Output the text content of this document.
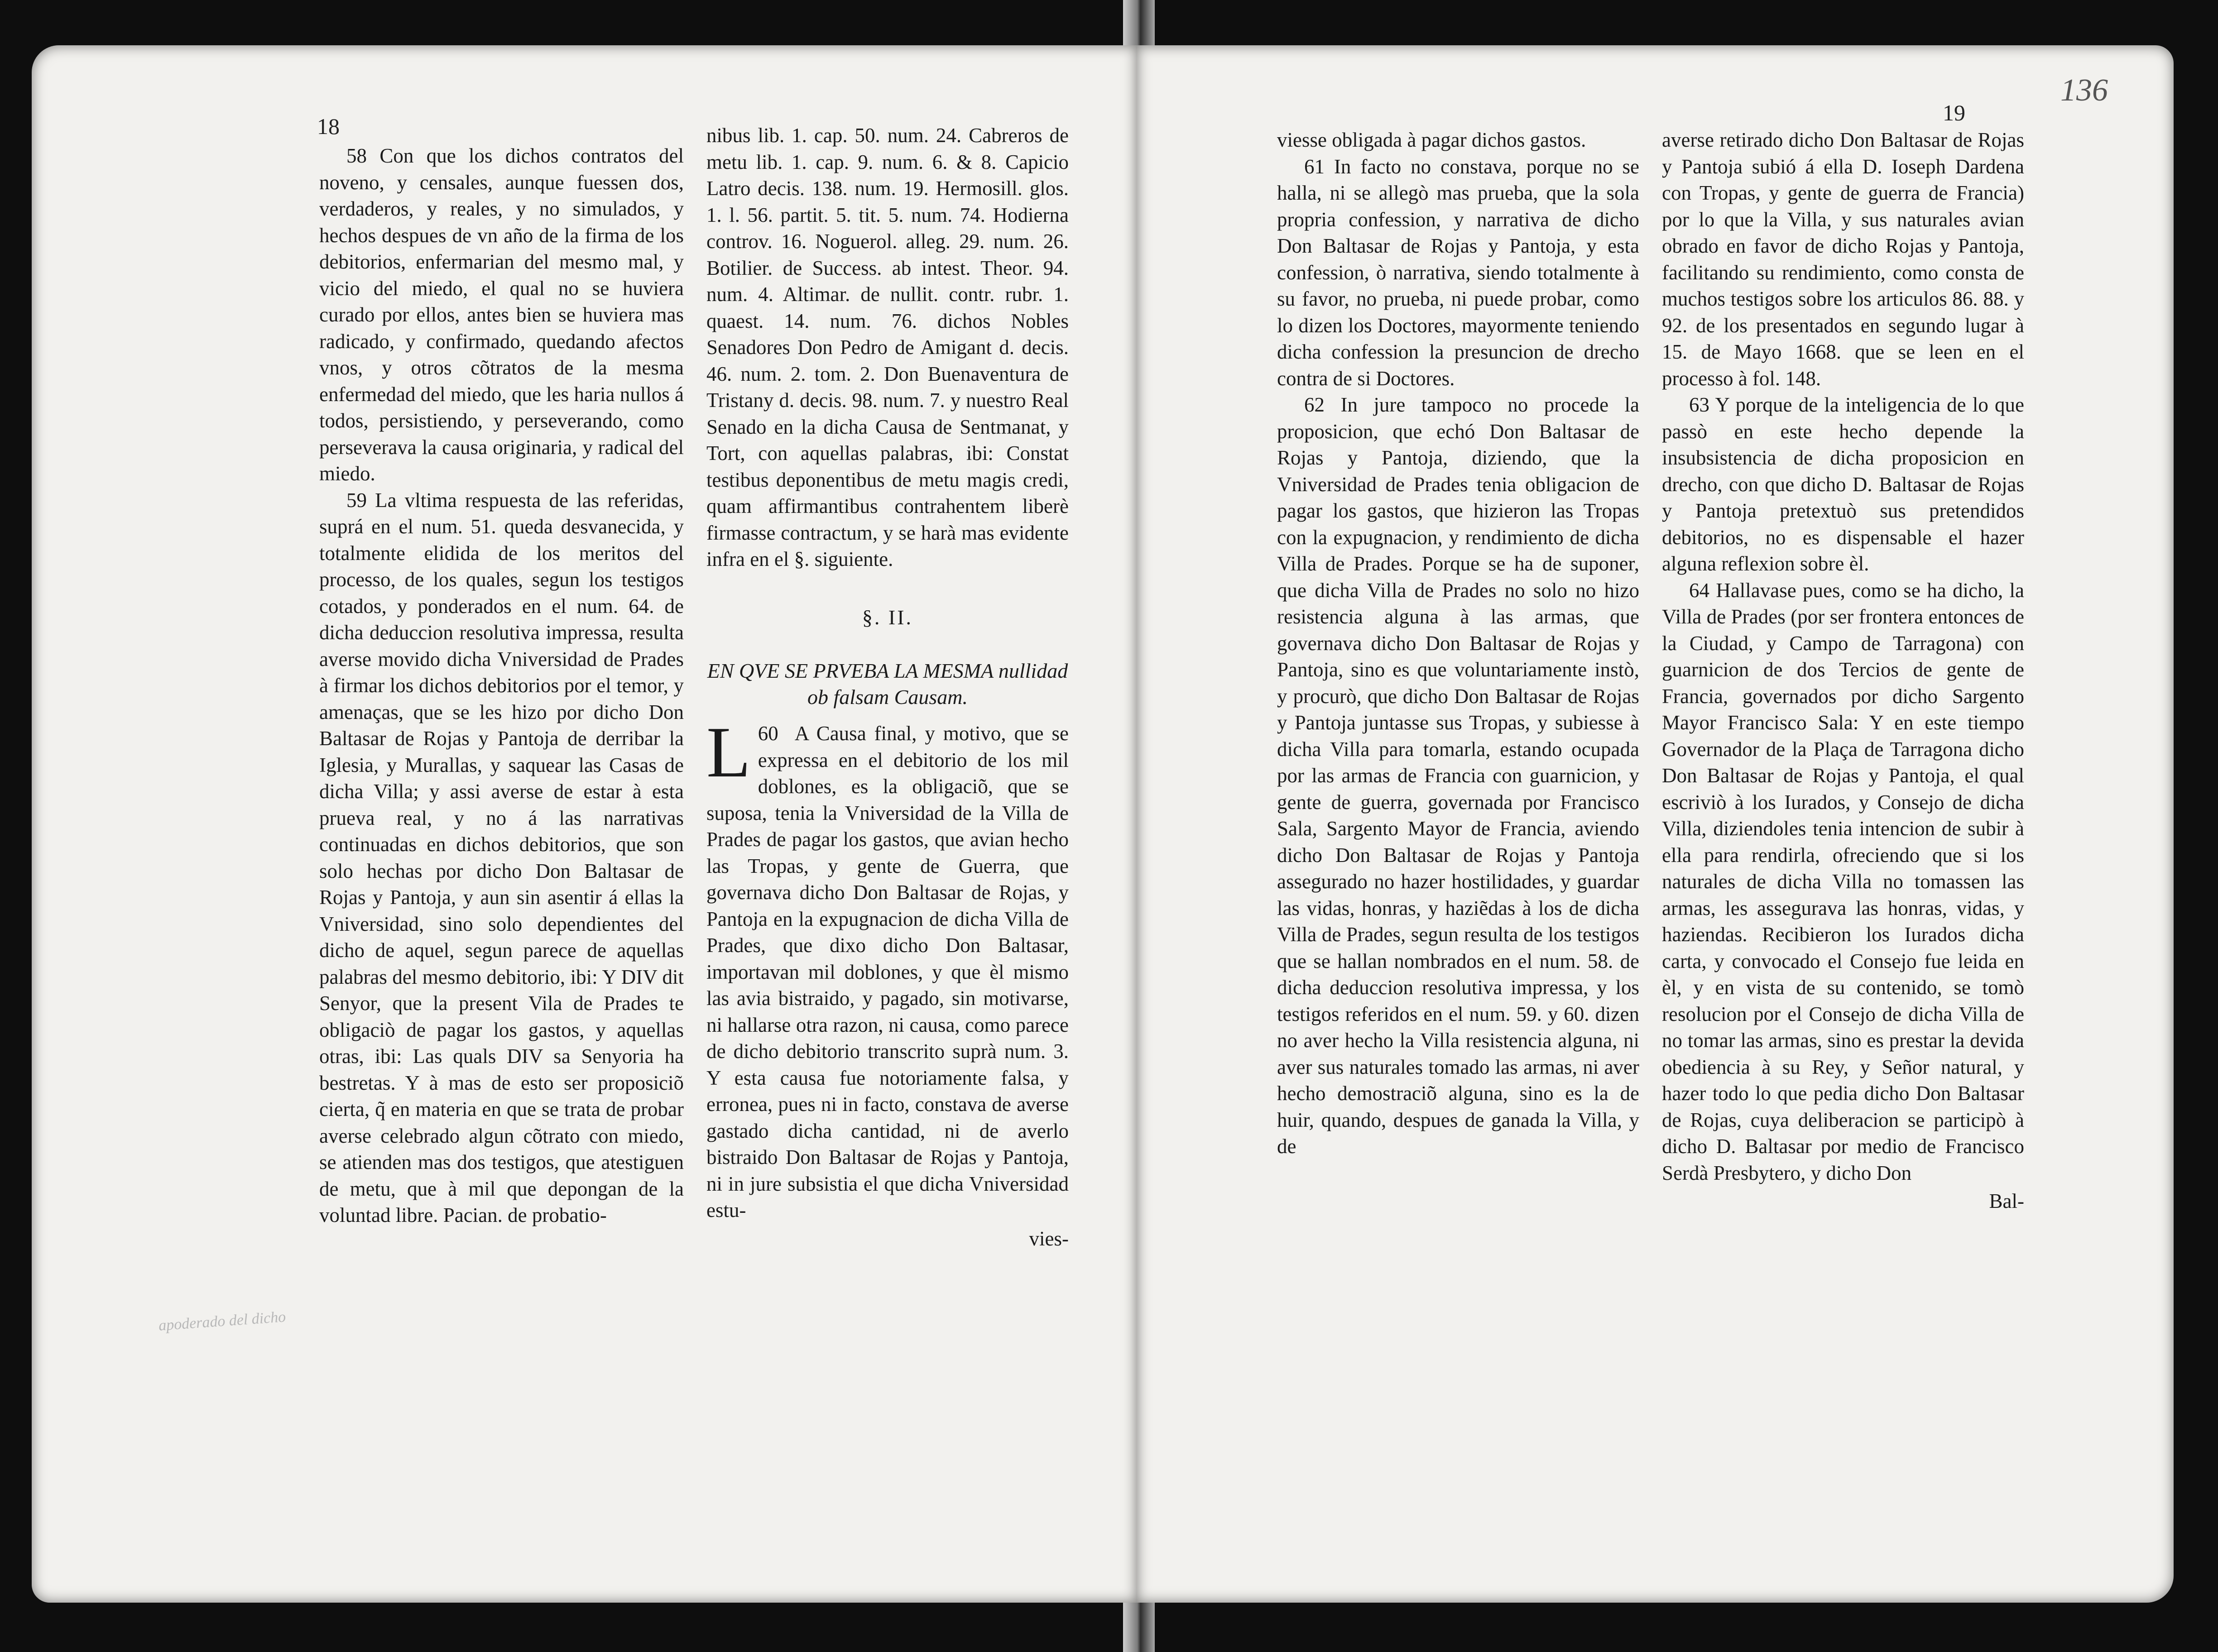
18

58 Con que los dichos contratos del noveno, y censales, aunque fuessen dos, verdaderos, y reales, y no simulados, y hechos despues de vn año de la firma de los debitorios, enfermarian del mesmo mal, y vicio del miedo, el qual no se huviera curado por ellos, antes bien se huviera mas radicado, y confirmado, quedando afectos vnos, y otros cõtratos de la mesma enfermedad del miedo, que les haria nullos á todos, persistiendo, y perseverando, como perseverava la causa originaria, y radical del miedo.

59 La vltima respuesta de las referidas, suprá en el num. 51. queda desvanecida, y totalmente elidida de los meritos del processo, de los quales, segun los testigos cotados, y ponderados en el num. 64. de dicha deduccion resolutiva impressa, resulta averse movido dicha Vniversidad de Prades à firmar los dichos debitorios por el temor, y amenaças, que se les hizo por dicho Don Baltasar de Rojas y Pantoja de derribar la Iglesia, y Murallas, y saquear las Casas de dicha Villa; y assi averse de estar à esta prueva real, y no á las narrativas continuadas en dichos debitorios, que son solo hechas por dicho Don Baltasar de Rojas y Pantoja, y aun sin asentir á ellas la Vniversidad, sino solo dependientes del dicho de aquel, segun parece de aquellas palabras del mesmo debitorio, ibi: Y DIV dit Senyor, que la present Vila de Prades te obligaciò de pagar los gastos, y aquellas otras, ibi: Las quals DIV sa Senyoria ha bestretas. Y à mas de esto ser proposiciõ cierta, q̃ en materia en que se trata de probar averse celebrado algun cõtrato con miedo, se atienden mas dos testigos, que atestiguen de metu, que à mil que depongan de la voluntad libre. Pacian. de probatio-

nibus lib. 1. cap. 50. num. 24. Cabreros de metu lib. 1. cap. 9. num. 6. & 8. Capicio Latro decis. 138. num. 19. Hermosill. glos. 1. l. 56. partit. 5. tit. 5. num. 74. Hodierna controv. 16. Noguerol. alleg. 29. num. 26. Botilier. de Success. ab intest. Theor. 94. num. 4. Altimar. de nullit. contr. rubr. 1. quaest. 14. num. 76. dichos Nobles Senadores Don Pedro de Amigant d. decis. 46. num. 2. tom. 2. Don Buenaventura de Tristany d. decis. 98. num. 7. y nuestro Real Senado en la dicha Causa de Sentmanat, y Tort, con aquellas palabras, ibi: Constat testibus deponentibus de metu magis credi, quam affirmantibus contrahentem liberè firmasse contractum, y se harà mas evidente infra en el §. siguiente.

§. II.
EN QVE SE PRVEBA LA MESMA nullidad ob falsam Causam.

60
L A Causa final, y motivo, que se expressa en el debitorio de los mil doblones, es la obligaciõ, que se suposa, tenia la Vniversidad de la Villa de Prades de pagar los gastos, que avian hecho las Tropas, y gente de Guerra, que governava dicho Don Baltasar de Rojas, y Pantoja en la expugnacion de dicha Villa de Prades, que dixo dicho Don Baltasar, importavan mil doblones, y que èl mismo las avia bistraido, y pagado, sin motivarse, ni hallarse otra razon, ni causa, como parece de dicho debitorio transcrito suprà num. 3. Y esta causa fue notoriamente falsa, y erronea, pues ni in facto, constava de averse gastado dicha cantidad, ni de averlo bistraido Don Baltasar de Rojas y Pantoja, ni in jure subsistia el que dicha Vniversidad estu-

vies-
apoderado del dicho
19
136

viesse obligada à pagar dichos gastos.

61 In facto no constava, porque no se halla, ni se allegò mas prueba, que la sola propria confession, y narrativa de dicho Don Baltasar de Rojas y Pantoja, y esta confession, ò narrativa, siendo totalmente à su favor, no prueba, ni puede probar, como lo dizen los Doctores, mayormente teniendo dicha confession la presuncion de drecho contra de si Doctores.

62 In jure tampoco no procede la proposicion, que echó Don Baltasar de Rojas y Pantoja, diziendo, que la Vniversidad de Prades tenia obligacion de pagar los gastos, que hizieron las Tropas con la expugnacion, y rendimiento de dicha Villa de Prades. Porque se ha de suponer, que dicha Villa de Prades no solo no hizo resistencia alguna à las armas, que governava dicho Don Baltasar de Rojas y Pantoja, sino es que voluntariamente instò, y procurò, que dicho Don Baltasar de Rojas y Pantoja juntasse sus Tropas, y subiesse à dicha Villa para tomarla, estando ocupada por las armas de Francia con guarnicion, y gente de guerra, governada por Francisco Sala, Sargento Mayor de Francia, aviendo dicho Don Baltasar de Rojas y Pantoja assegurado no hazer hostilidades, y guardar las vidas, honras, y haziẽdas à los de dicha Villa de Prades, segun resulta de los testigos que se hallan nombrados en el num. 58. de dicha deduccion resolutiva impressa, y los testigos referidos en el num. 59. y 60. dizen no aver hecho la Villa resistencia alguna, ni aver sus naturales tomado las armas, ni aver hecho demostraciõ alguna, sino es la de huir, quando, despues de ganada la Villa, y de

averse retirado dicho Don Baltasar de Rojas y Pantoja subió á ella D. Ioseph Dardena con Tropas, y gente de guerra de Francia) por lo que la Villa, y sus naturales avian obrado en favor de dicho Rojas y Pantoja, facilitando su rendimiento, como consta de muchos testigos sobre los articulos 86. 88. y 92. de los presentados en segundo lugar à 15. de Mayo 1668. que se leen en el processo à fol. 148.

63 Y porque de la inteligencia de lo que passò en este hecho depende la insubsistencia de dicha proposicion en drecho, con que dicho D. Baltasar de Rojas y Pantoja pretextuò sus pretendidos debitorios, no es dispensable el hazer alguna reflexion sobre èl.

64 Hallavase pues, como se ha dicho, la Villa de Prades (por ser frontera entonces de la Ciudad, y Campo de Tarragona) con guarnicion de dos Tercios de gente de Francia, governados por dicho Sargento Mayor Francisco Sala: Y en este tiempo Governador de la Plaça de Tarragona dicho Don Baltasar de Rojas y Pantoja, el qual escriviò à los Iurados, y Consejo de dicha Villa, diziendoles tenia intencion de subir à ella para rendirla, ofreciendo que si los naturales de dicha Villa no tomassen las armas, les assegurava las honras, vidas, y haziendas. Recibieron los Iurados dicha carta, y convocado el Consejo fue leida en èl, y en vista de su contenido, se tomò resolucion por el Consejo de dicha Villa de no tomar las armas, sino es prestar la devida obediencia à su Rey, y Señor natural, y hazer todo lo que pedia dicho Don Baltasar de Rojas, cuya deliberacion se participò à dicho D. Baltasar por medio de Francisco Serdà Presbytero, y dicho Don

Bal-
